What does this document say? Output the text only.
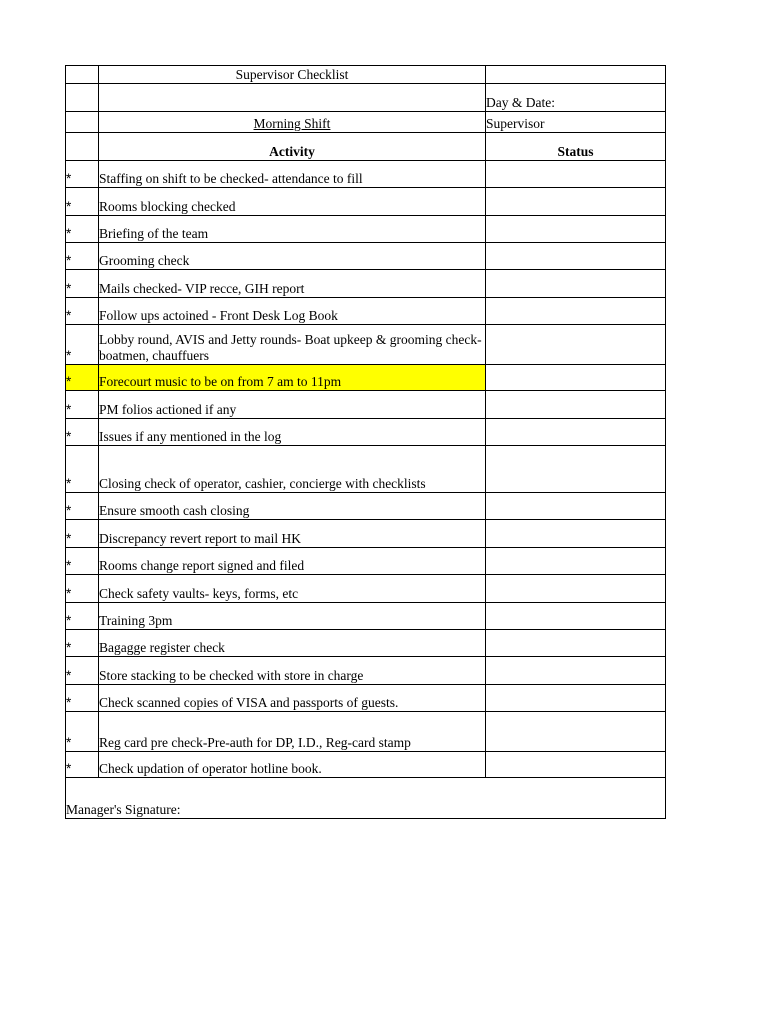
	Supervisor Checklist	
		Day & Date:
	Morning Shift	Supervisor
	Activity	Status

*	Staffing on shift to be checked- attendance to fill	

*	Rooms blocking checked	

*	Briefing of the team	

*	Grooming check	

*	Mails checked- VIP recce, GIH report	

*	Follow ups actoined - Front Desk Log Book	

*	Lobby round, AVIS and Jetty rounds- Boat upkeep & grooming check-boatmen, chauffuers	

*	Forecourt music to be on from 7 am to 11pm	

*	PM folios actioned if any	

*	Issues if any mentioned in the log	

*	Closing check of operator, cashier, concierge with checklists	

*	Ensure smooth cash closing	

*	Discrepancy revert report to mail HK	

*	Rooms change report signed and filed	

*	Check safety vaults- keys, forms, etc	

*	Training 3pm	

*	Bagagge register check	

*	Store stacking to be checked with store in charge	

*	Check scanned copies of VISA and passports of guests.	

*	Reg card pre check-Pre-auth for DP, I.D., Reg-card stamp	

*	Check updation of operator hotline book.	
Manager's Signature:		
